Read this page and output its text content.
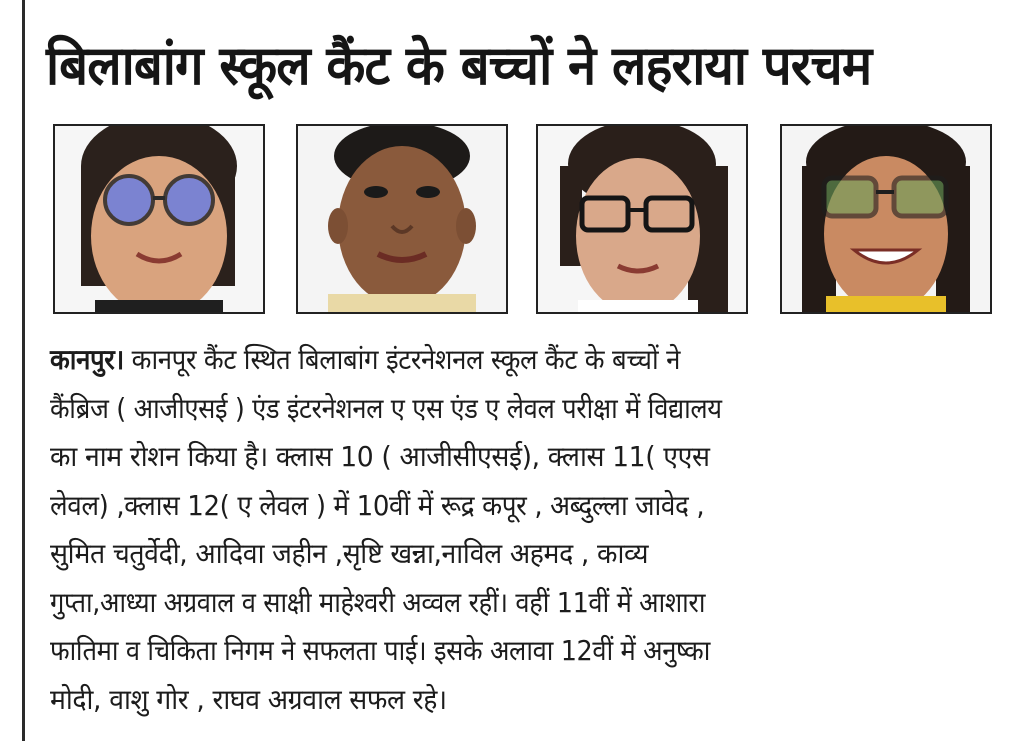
बिलाबांग स्कूल कैंट के बच्चों ने लहराया परचम
कानपुर। कानपूर कैंट स्थित बिलाबांग इंटरनेशनल स्कूल कैंट के बच्चों ने
कैंब्रिज ( आजीएसई ) एंड इंटरनेशनल ए एस एंड ए लेवल परीक्षा में विद्यालय
का नाम रोशन किया है। क्लास 10 ( आजीसीएसई), क्लास 11( एएस
लेवल) ,क्लास 12( ए लेवल ) में 10वीं में रूद्र कपूर , अब्दुल्ला जावेद ,
सुमित चतुर्वेदी, आदिवा जहीन ,सृष्टि खन्ना,नाविल अहमद , काव्य
गुप्ता,आध्या अग्रवाल व साक्षी माहेश्वरी अव्वल रहीं। वहीं 11वीं में आशारा
फातिमा व चिकिता निगम ने सफलता पाई। इसके अलावा 12वीं में अनुष्का
मोदी, वाशु गोर , राघव अग्रवाल सफल रहे।
